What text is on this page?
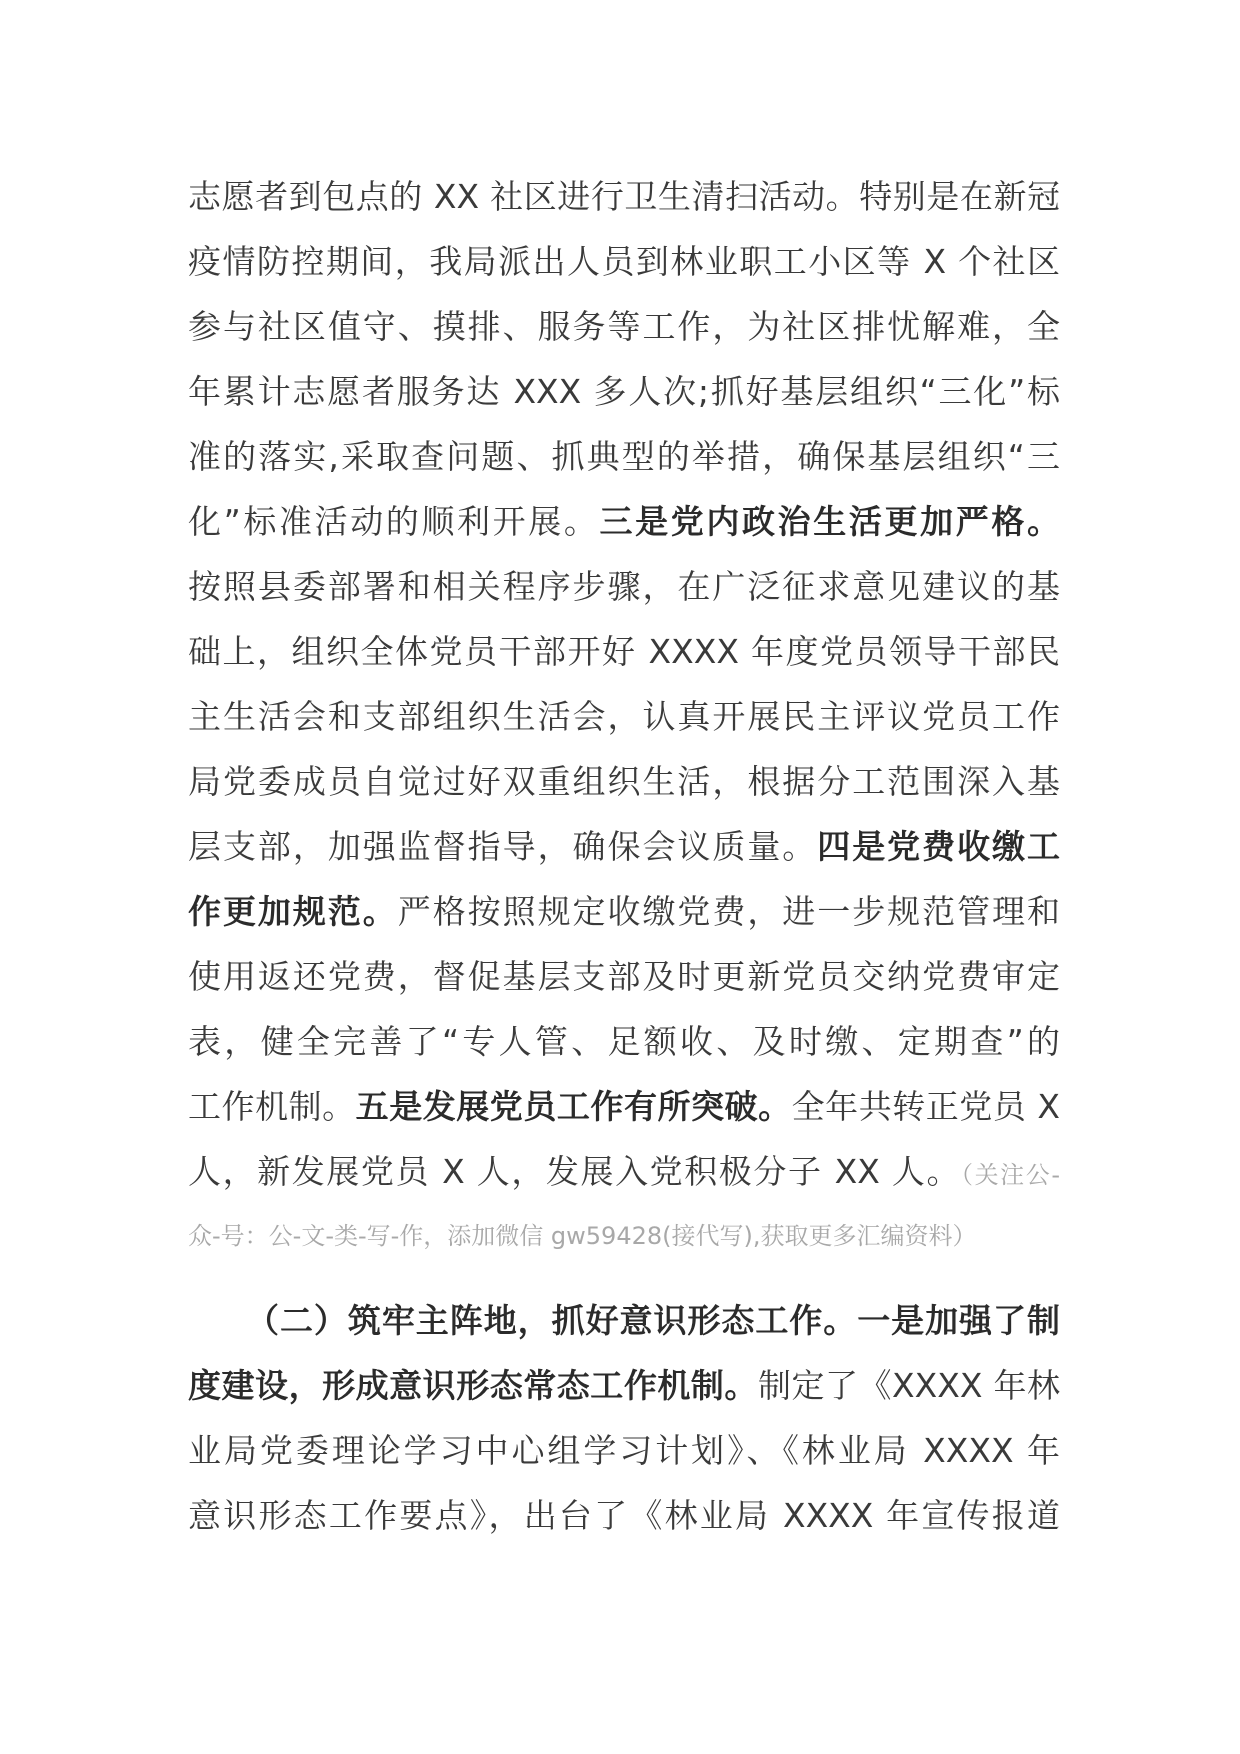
志愿者到包点的 XX 社区进行卫生清扫活动。特别是在新冠
疫情防控期间，我局派出人员到林业职工小区等 X 个社区
参与社区值守、摸排、服务等工作，为社区排忧解难，全
年累计志愿者服务达 XXX 多人次;抓好基层组织“三化”标
准的落实,采取查问题、抓典型的举措，确保基层组织“三
化”标准活动的顺利开展。三是党内政治生活更加严格。
按照县委部署和相关程序步骤，在广泛征求意见建议的基
础上，组织全体党员干部开好 XXXX 年度党员领导干部民
主生活会和支部组织生活会，认真开展民主评议党员工作
局党委成员自觉过好双重组织生活，根据分工范围深入基
层支部，加强监督指导，确保会议质量。四是党费收缴工
作更加规范。严格按照规定收缴党费，进一步规范管理和
使用返还党费，督促基层支部及时更新党员交纳党费审定
表，健全完善了“专人管、足额收、及时缴、定期查”的
工作机制。五是发展党员工作有所突破。全年共转正党员 X
人，新发展党员 X 人，发展入党积极分子 XX 人。（关注公-
众-号：公-文-类-写-作，添加微信 gw59428(接代写),获取更多汇编资料）
（二）筑牢主阵地，抓好意识形态工作。一是加强了制
度建设，形成意识形态常态工作机制。制定了《XXXX 年林
业局党委理论学习中心组学习计划》、《林业局 XXXX 年
意识形态工作要点》，出台了《林业局 XXXX 年宣传报道
